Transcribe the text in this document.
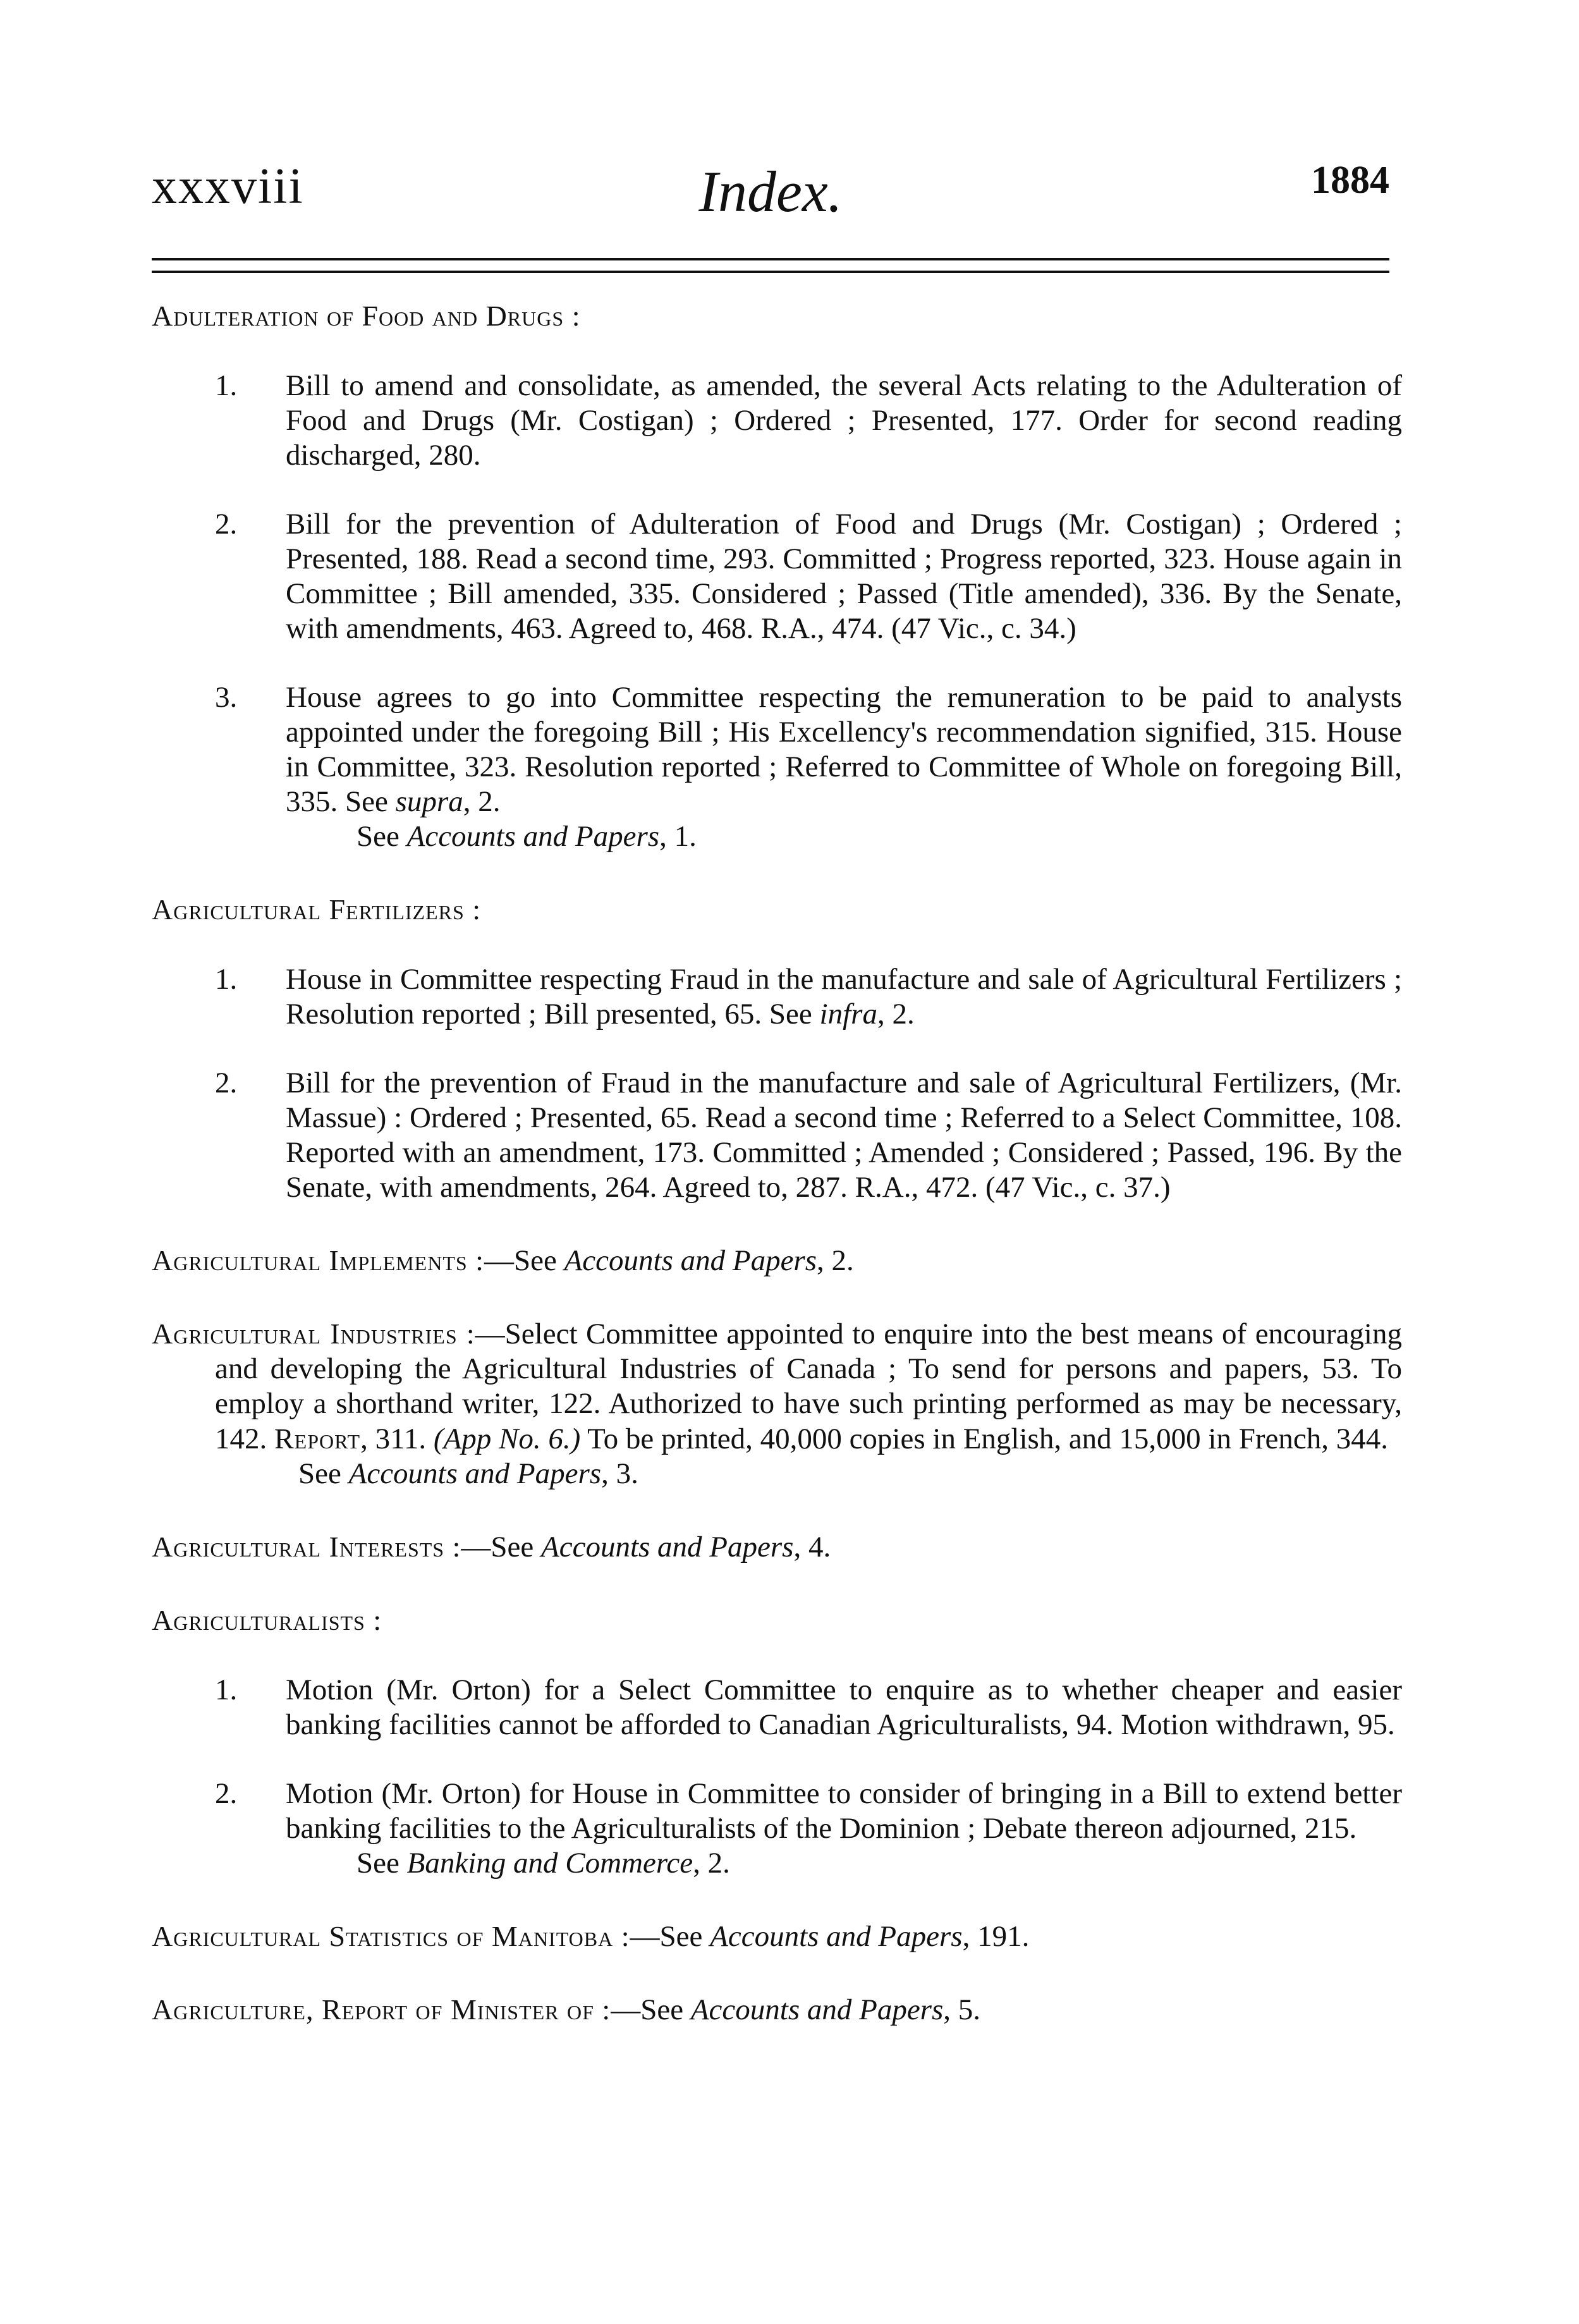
xxxviii	Index.	1884
Adulteration of Food and Drugs :
1. Bill to amend and consolidate, as amended, the several Acts relating to the Adulteration of Food and Drugs (Mr. Costigan) ; Ordered ; Presented, 177. Order for second reading discharged, 280.
2. Bill for the prevention of Adulteration of Food and Drugs (Mr. Costigan) ; Ordered ; Presented, 188. Read a second time, 293. Committed ; Progress reported, 323. House again in Committee ; Bill amended, 335. Considered ; Passed (Title amended), 336. By the Senate, with amendments, 463. Agreed to, 468. R.A., 474. (47 Vic., c. 34.)
3. House agrees to go into Committee respecting the remuneration to be paid to analysts appointed under the foregoing Bill ; His Excellency's recommendation signified, 315. House in Committee, 323. Resolution reported ; Referred to Committee of Whole on foregoing Bill, 335. See supra, 2.
See Accounts and Papers, 1.
Agricultural Fertilizers :
1. House in Committee respecting Fraud in the manufacture and sale of Agricultural Fertilizers ; Resolution reported ; Bill presented, 65. See infra, 2.
2. Bill for the prevention of Fraud in the manufacture and sale of Agricultural Fertilizers, (Mr. Massue) : Ordered ; Presented, 65. Read a second time ; Referred to a Select Committee, 108. Reported with an amendment, 173. Committed ; Amended ; Considered ; Passed, 196. By the Senate, with amendments, 264. Agreed to, 287. R.A., 472. (47 Vic., c. 37.)
Agricultural Implements :—See Accounts and Papers, 2.
Agricultural Industries :—Select Committee appointed to enquire into the best means of encouraging and developing the Agricultural Industries of Canada ; To send for persons and papers, 53. To employ a shorthand writer, 122. Authorized to have such printing performed as may be necessary, 142. Report, 311. (App No. 6.) To be printed, 40,000 copies in English, and 15,000 in French, 344.
See Accounts and Papers, 3.
Agricultural Interests :—See Accounts and Papers, 4.
Agriculturalists :
1. Motion (Mr. Orton) for a Select Committee to enquire as to whether cheaper and easier banking facilities cannot be afforded to Canadian Agriculturalists, 94. Motion withdrawn, 95.
2. Motion (Mr. Orton) for House in Committee to consider of bringing in a Bill to extend better banking facilities to the Agriculturalists of the Dominion ; Debate thereon adjourned, 215.
See Banking and Commerce, 2.
Agricultural Statistics of Manitoba :—See Accounts and Papers, 191.
Agriculture, Report of Minister of :—See Accounts and Papers, 5.
